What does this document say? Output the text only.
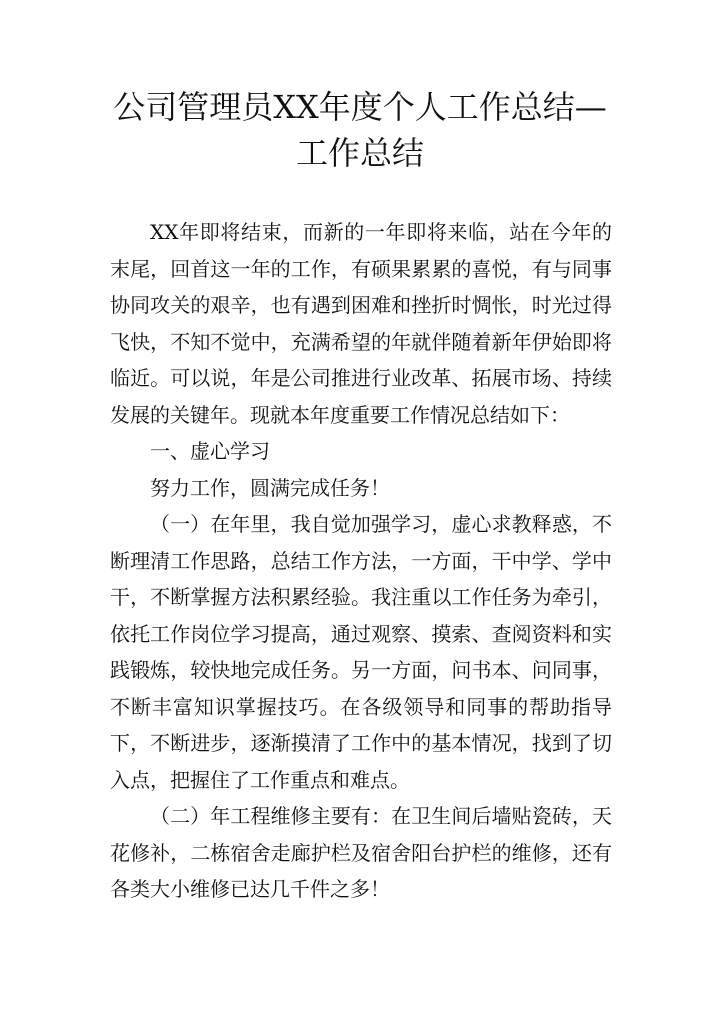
公司管理员XX年度个人工作总结—工作总结

XX年即将结束，而新的一年即将来临，站在今年的末尾，回首这一年的工作，有硕果累累的喜悦，有与同事协同攻关的艰辛，也有遇到困难和挫折时惆怅，时光过得飞快，不知不觉中，充满希望的年就伴随着新年伊始即将临近。可以说，年是公司推进行业改革、拓展市场、持续发展的关键年。现就本年度重要工作情况总结如下：

一、虚心学习

努力工作，圆满完成任务！

（一）在年里，我自觉加强学习，虚心求教释惑，不断理清工作思路，总结工作方法，一方面，干中学、学中干，不断掌握方法积累经验。我注重以工作任务为牵引，依托工作岗位学习提高，通过观察、摸索、查阅资料和实践锻炼，较快地完成任务。另一方面，问书本、问同事，不断丰富知识掌握技巧。在各级领导和同事的帮助指导下，不断进步，逐渐摸清了工作中的基本情况，找到了切入点，把握住了工作重点和难点。

（二）年工程维修主要有：在卫生间后墙贴瓷砖，天花修补，二栋宿舍走廊护栏及宿舍阳台护栏的维修，还有各类大小维修已达几千件之多！
